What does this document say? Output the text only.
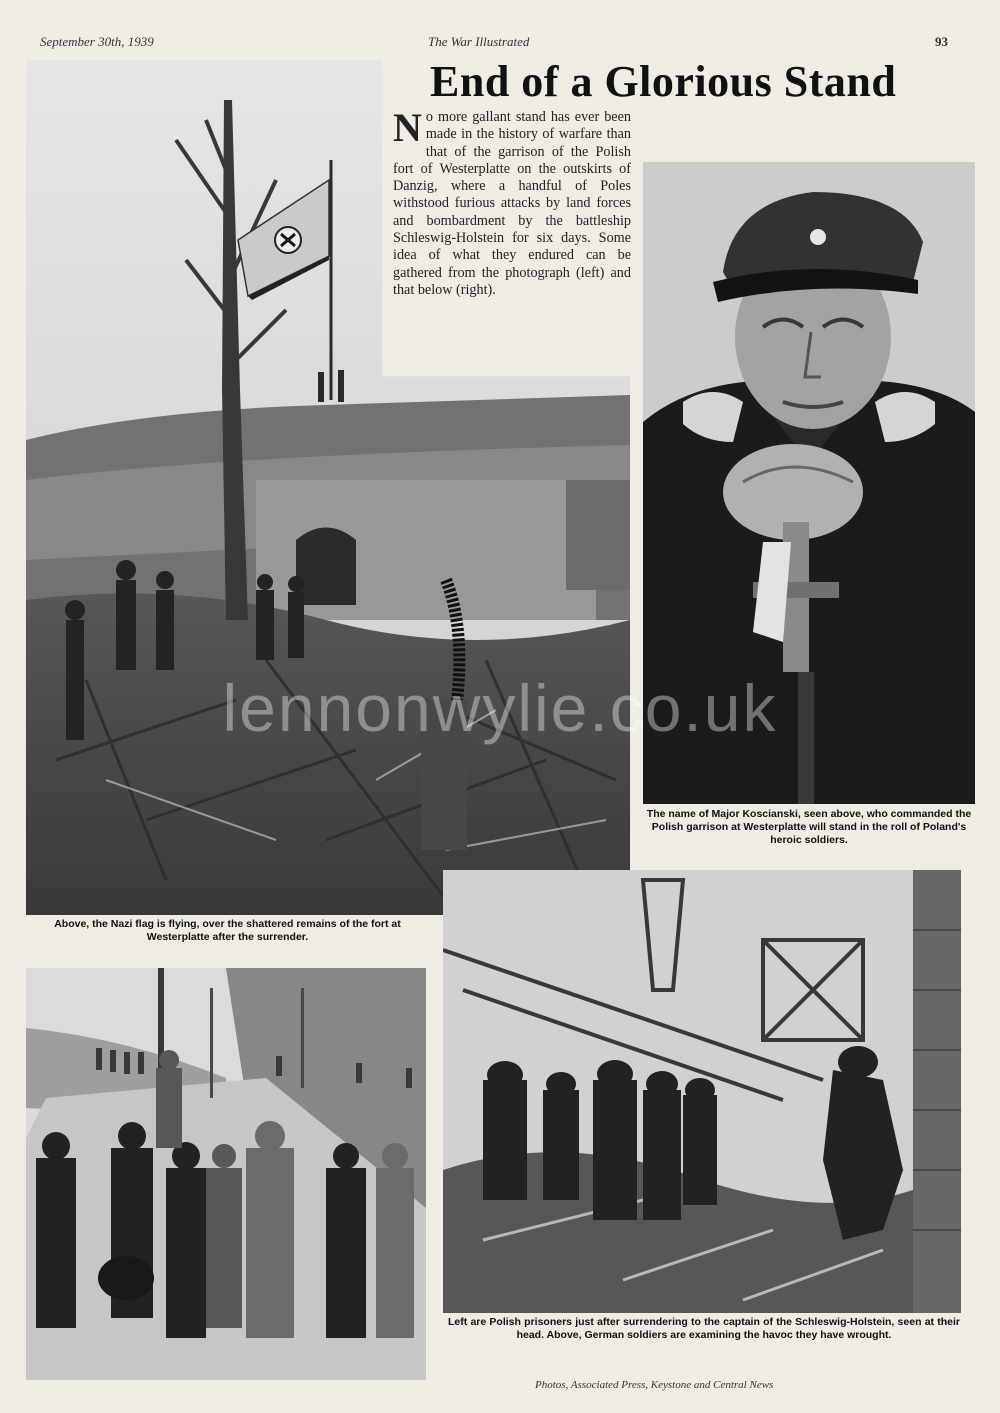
September 30th, 1939	The War Illustrated	93
End of a Glorious Stand
No more gallant stand has ever been made in the history of warfare than that of the garrison of the Polish fort of Westerplatte on the outskirts of Danzig, where a handful of Poles withstood furious attacks by land forces and bombardment by the battleship Schleswig-Holstein for six days. Some idea of what they endured can be gathered from the photograph (left) and that below (right).
The name of Major Koscianski, seen above, who commanded the Polish garrison at Westerplatte will stand in the roll of Poland's heroic soldiers.
Above, the Nazi flag is flying, over the shattered remains of the fort at Westerplatte after the surrender.
Left are Polish prisoners just after surrendering to the captain of the Schleswig-Holstein, seen at their head. Above, German soldiers are examining the havoc they have wrought.
Photos, Associated Press, Keystone and Central News
lennonwylie.co.uk
